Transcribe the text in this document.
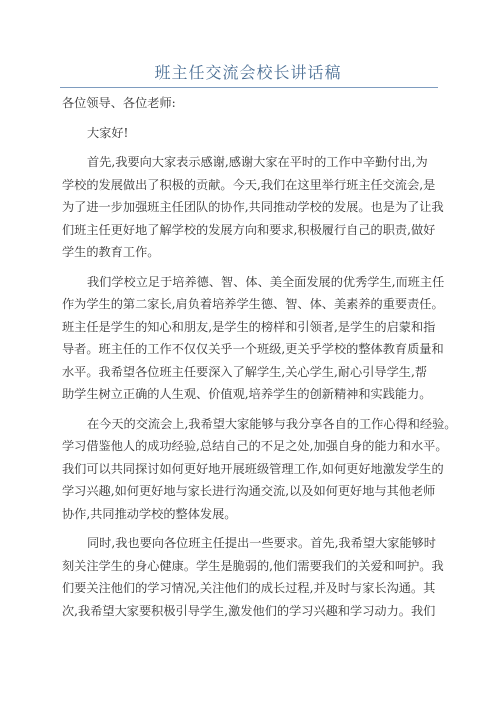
班主任交流会校长讲话稿

各位领导、各位老师:

大家好!

首先,我要向大家表示感谢,感谢大家在平时的工作中辛勤付出,为
学校的发展做出了积极的贡献。今天,我们在这里举行班主任交流会,是
为了进一步加强班主任团队的协作,共同推动学校的发展。也是为了让我
们班主任更好地了解学校的发展方向和要求,积极履行自己的职责,做好
学生的教育工作。

我们学校立足于培养德、智、体、美全面发展的优秀学生,而班主任
作为学生的第二家长,肩负着培养学生德、智、体、美素养的重要责任。
班主任是学生的知心和朋友,是学生的榜样和引领者,是学生的启蒙和指
导者。班主任的工作不仅仅关乎一个班级,更关乎学校的整体教育质量和
水平。我希望各位班主任要深入了解学生,关心学生,耐心引导学生,帮
助学生树立正确的人生观、价值观,培养学生的创新精神和实践能力。

在今天的交流会上,我希望大家能够与我分享各自的工作心得和经验。
学习借鉴他人的成功经验,总结自己的不足之处,加强自身的能力和水平。
我们可以共同探讨如何更好地开展班级管理工作,如何更好地激发学生的
学习兴趣,如何更好地与家长进行沟通交流,以及如何更好地与其他老师
协作,共同推动学校的整体发展。

同时,我也要向各位班主任提出一些要求。首先,我希望大家能够时
刻关注学生的身心健康。学生是脆弱的,他们需要我们的关爱和呵护。我
们要关注他们的学习情况,关注他们的成长过程,并及时与家长沟通。其
次,我希望大家要积极引导学生,激发他们的学习兴趣和学习动力。我们
